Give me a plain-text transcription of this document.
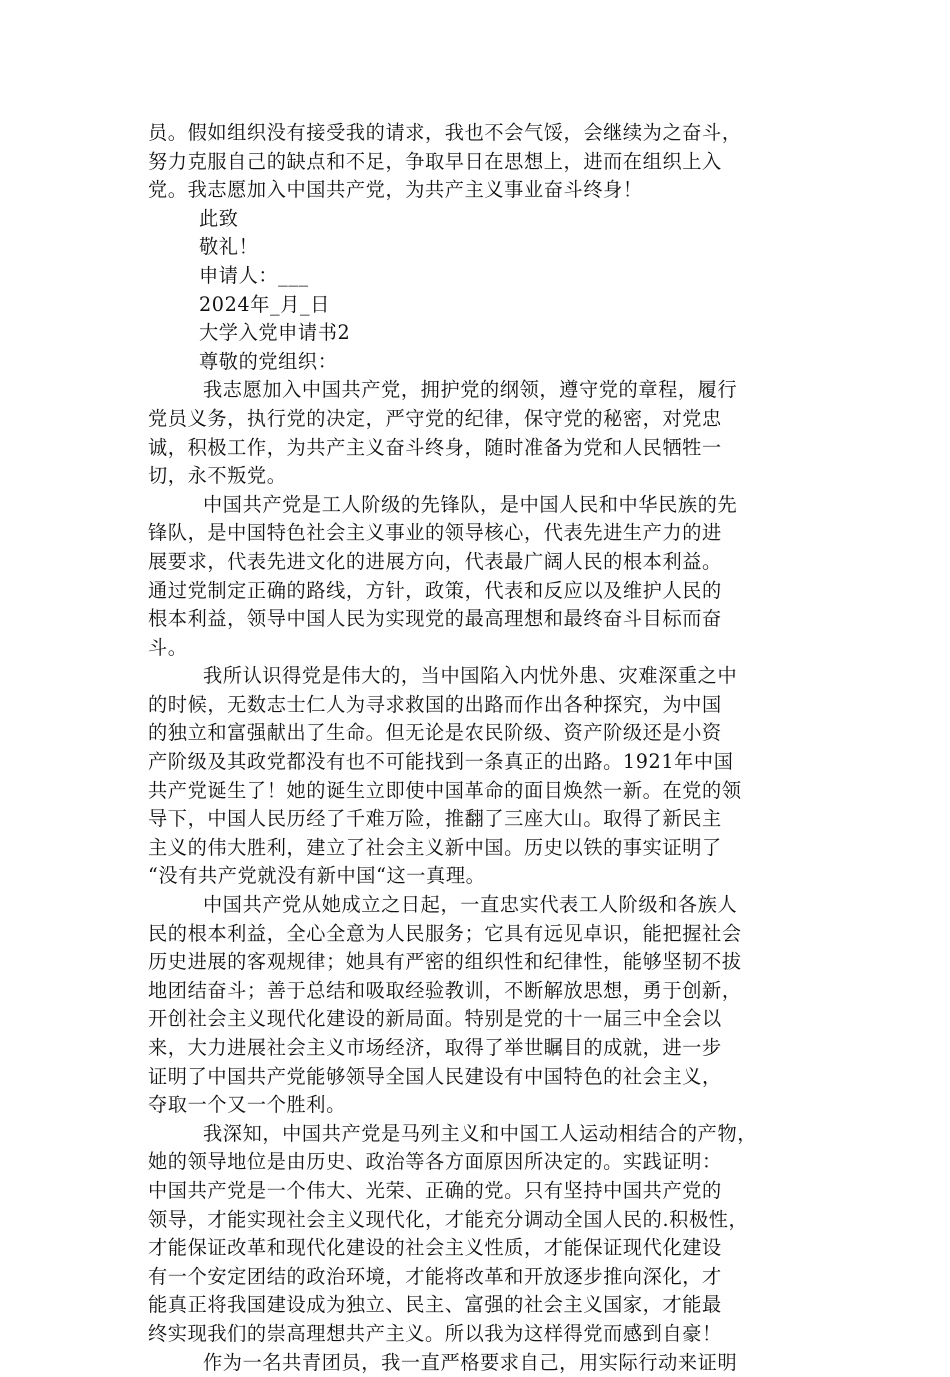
员。假如组织没有接受我的请求，我也不会气馁，会继续为之奋斗，
努力克服自己的缺点和不足，争取早日在思想上，进而在组织上入
党。我志愿加入中国共产党，为共产主义事业奋斗终身！
此致
敬礼！
申请人：___
2024年_月_日
大学入党申请书2
尊敬的党组织：
我志愿加入中国共产党，拥护党的纲领，遵守党的章程，履行
党员义务，执行党的决定，严守党的纪律，保守党的秘密，对党忠
诚，积极工作，为共产主义奋斗终身，随时准备为党和人民牺牲一
切，永不叛党。
中国共产党是工人阶级的先锋队，是中国人民和中华民族的先
锋队，是中国特色社会主义事业的领导核心，代表先进生产力的进
展要求，代表先进文化的进展方向，代表最广阔人民的根本利益。
通过党制定正确的路线，方针，政策，代表和反应以及维护人民的
根本利益，领导中国人民为实现党的最高理想和最终奋斗目标而奋
斗。
我所认识得党是伟大的，当中国陷入内忧外患、灾难深重之中
的时候，无数志士仁人为寻求救国的出路而作出各种探究，为中国
的独立和富强献出了生命。但无论是农民阶级、资产阶级还是小资
产阶级及其政党都没有也不可能找到一条真正的出路。1921年中国
共产党诞生了！她的诞生立即使中国革命的面目焕然一新。在党的领
导下，中国人民历经了千难万险，推翻了三座大山。取得了新民主
主义的伟大胜利，建立了社会主义新中国。历史以铁的事实证明了
“没有共产党就没有新中国“这一真理。
中国共产党从她成立之日起，一直忠实代表工人阶级和各族人
民的根本利益，全心全意为人民服务；它具有远见卓识，能把握社会
历史进展的客观规律；她具有严密的组织性和纪律性，能够坚韧不拔
地团结奋斗；善于总结和吸取经验教训，不断解放思想，勇于创新，
开创社会主义现代化建设的新局面。特别是党的十一届三中全会以
来，大力进展社会主义市场经济，取得了举世瞩目的成就，进一步
证明了中国共产党能够领导全国人民建设有中国特色的社会主义，
夺取一个又一个胜利。
我深知，中国共产党是马列主义和中国工人运动相结合的产物，
她的领导地位是由历史、政治等各方面原因所决定的。实践证明：
中国共产党是一个伟大、光荣、正确的党。只有坚持中国共产党的
领导，才能实现社会主义现代化，才能充分调动全国人民的.积极性，
才能保证改革和现代化建设的社会主义性质，才能保证现代化建设
有一个安定团结的政治环境，才能将改革和开放逐步推向深化，才
能真正将我国建设成为独立、民主、富强的社会主义国家，才能最
终实现我们的崇高理想共产主义。所以我为这样得党而感到自豪！
作为一名共青团员，我一直严格要求自己，用实际行动来证明
